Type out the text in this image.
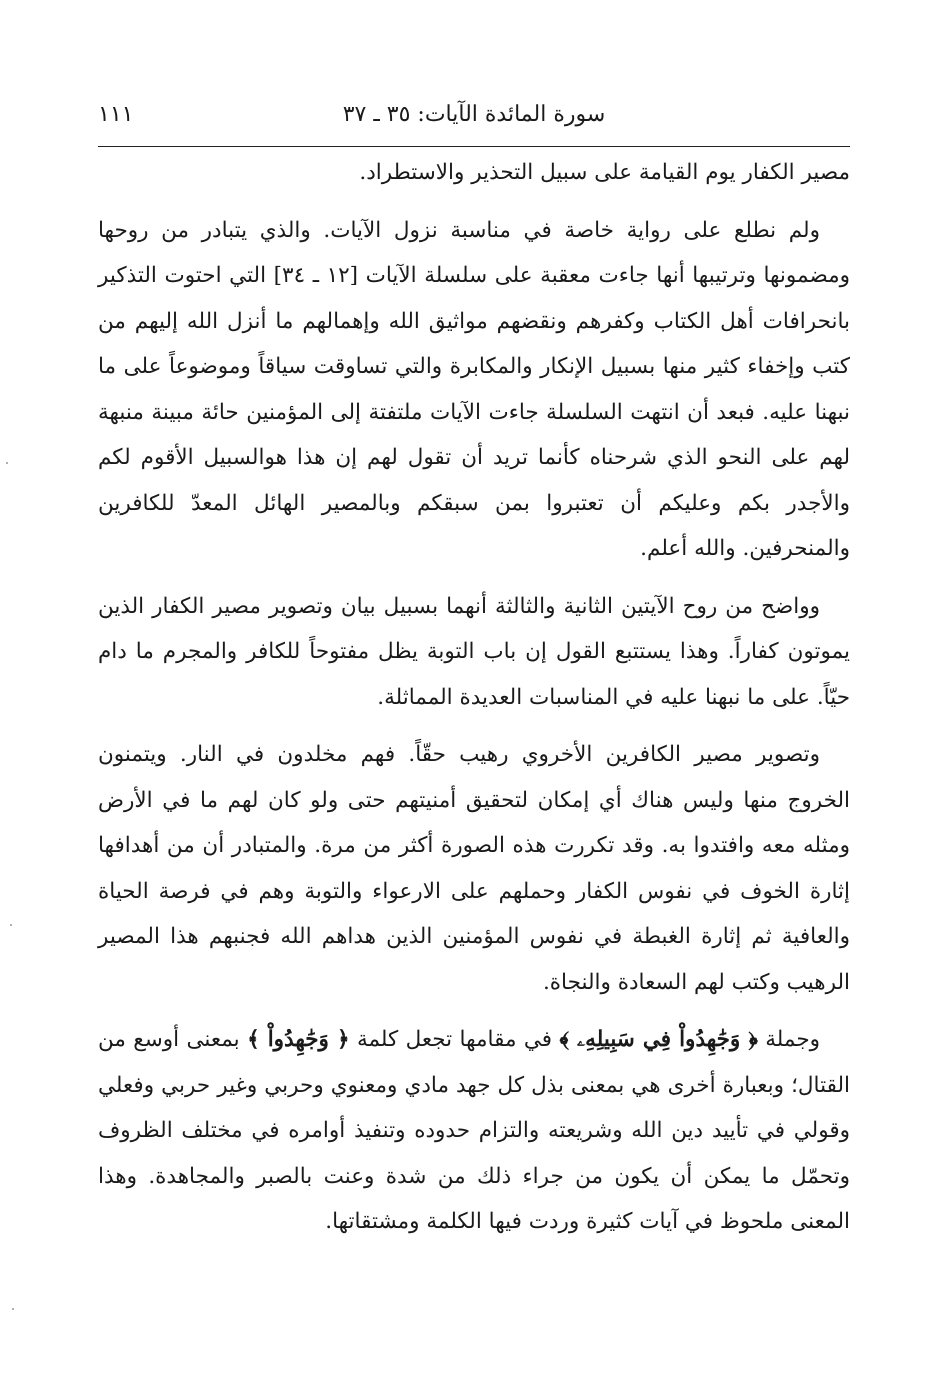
سورة المائدة الآيات: ٣٥ ـ ٣٧
١١١

مصير الكفار يوم القيامة على سبيل التحذير والاستطراد.

ولم نطلع على رواية خاصة في مناسبة نزول الآيات. والذي يتبادر من روحها ومضمونها وترتيبها أنها جاءت معقبة على سلسلة الآيات [١٢ ـ ٣٤] التي احتوت التذكير بانحرافات أهل الكتاب وكفرهم ونقضهم مواثيق الله وإهمالهم ما أنزل الله إليهم من كتب وإخفاء كثير منها بسبيل الإنكار والمكابرة والتي تساوقت سياقاً وموضوعاً على ما نبهنا عليه. فبعد أن انتهت السلسلة جاءت الآيات ملتفتة إلى المؤمنين حائة مبينة منبهة لهم على النحو الذي شرحناه كأنما تريد أن تقول لهم إن هذا هوالسبيل الأقوم لكم والأجدر بكم وعليكم أن تعتبروا بمن سبقكم وبالمصير الهائل المعدّ للكافرين والمنحرفين. والله أعلم.

وواضح من روح الآيتين الثانية والثالثة أنهما بسبيل بيان وتصوير مصير الكفار الذين يموتون كفاراً. وهذا يستتبع القول إن باب التوبة يظل مفتوحاً للكافر والمجرم ما دام حيّاً. على ما نبهنا عليه في المناسبات العديدة المماثلة.

وتصوير مصير الكافرين الأخروي رهيب حقّاً. فهم مخلدون في النار. ويتمنون الخروج منها وليس هناك أي إمكان لتحقيق أمنيتهم حتى ولو كان لهم ما في الأرض ومثله معه وافتدوا به. وقد تكررت هذه الصورة أكثر من مرة. والمتبادر أن من أهدافها إثارة الخوف في نفوس الكفار وحملهم على الارعواء والتوبة وهم في فرصة الحياة والعافية ثم إثارة الغبطة في نفوس المؤمنين الذين هداهم الله فجنبهم هذا المصير الرهيب وكتب لهم السعادة والنجاة.

وجملة ﴿ وَجَٰهِدُواْ فِي سَبِيلِهِۦ ﴾ في مقامها تجعل كلمة ﴿ وَجَٰهِدُواْ ﴾ بمعنى أوسع من القتال؛ وبعبارة أخرى هي بمعنى بذل كل جهد مادي ومعنوي وحربي وغير حربي وفعلي وقولي في تأييد دين الله وشريعته والتزام حدوده وتنفيذ أوامره في مختلف الظروف وتحمّل ما يمكن أن يكون من جراء ذلك من شدة وعنت بالصبر والمجاهدة. وهذا المعنى ملحوظ في آيات كثيرة وردت فيها الكلمة ومشتقاتها.
